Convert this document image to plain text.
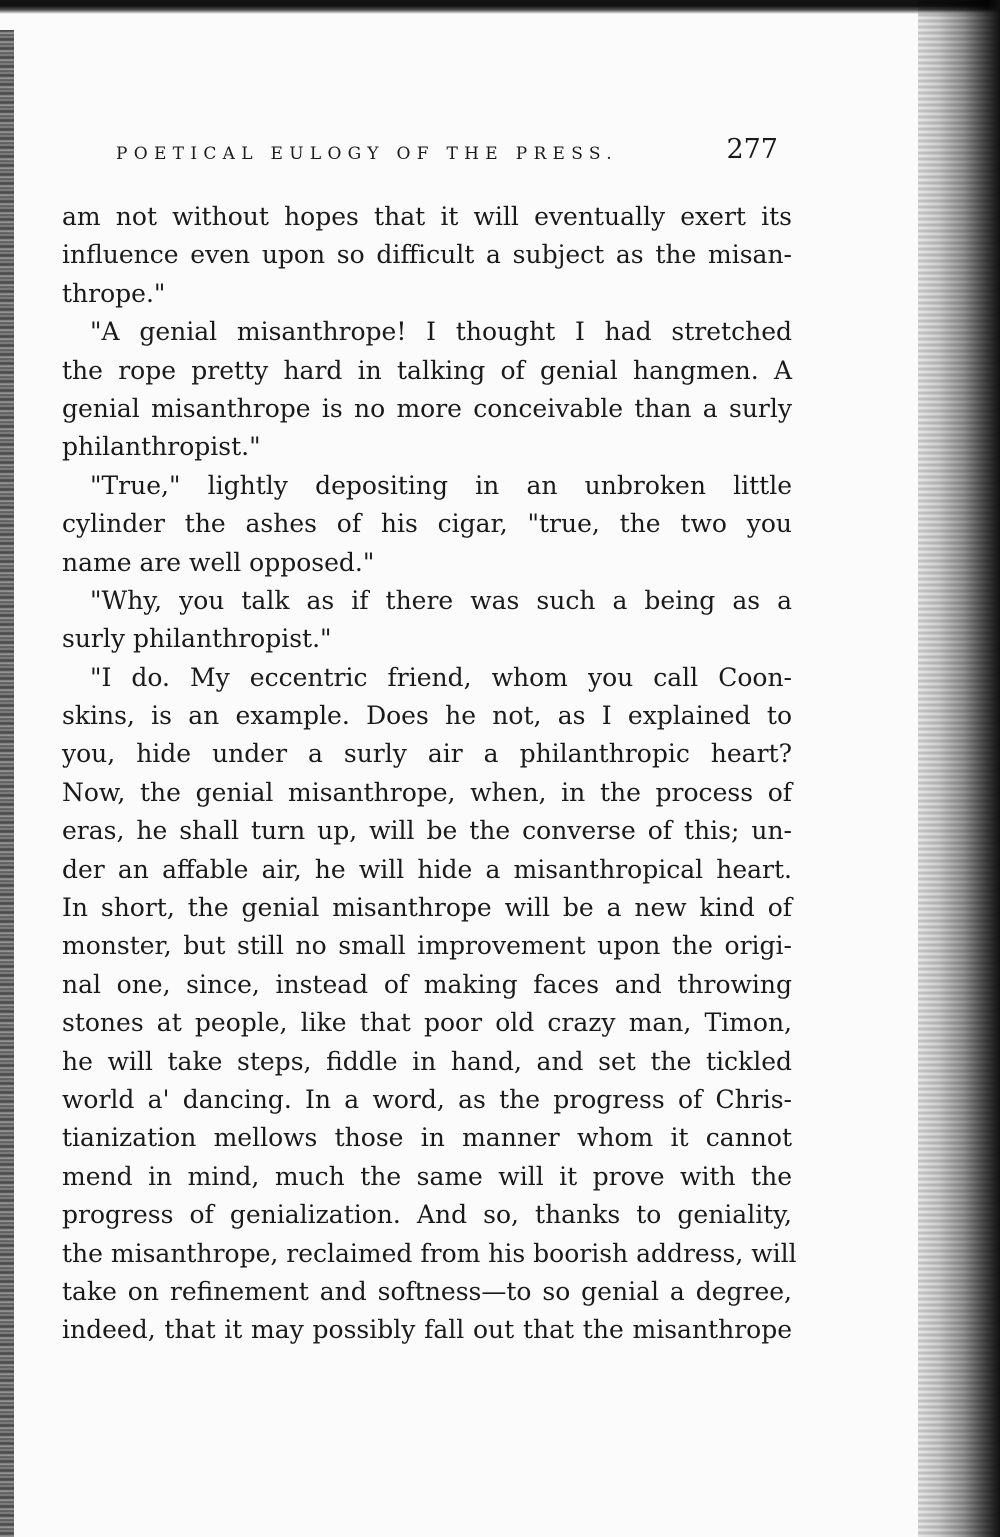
POETICAL EULOGY OF THE PRESS.	277
am not without hopes that it will eventually exert its
influence even upon so difficult a subject as the misan-
thrope."
"A genial misanthrope! I thought I had stretched
the rope pretty hard in talking of genial hangmen. A
genial misanthrope is no more conceivable than a surly
philanthropist."
"True," lightly depositing in an unbroken little
cylinder the ashes of his cigar, "true, the two you
name are well opposed."
"Why, you talk as if there was such a being as a
surly philanthropist."
"I do. My eccentric friend, whom you call Coon-
skins, is an example. Does he not, as I explained to
you, hide under a surly air a philanthropic heart?
Now, the genial misanthrope, when, in the process of
eras, he shall turn up, will be the converse of this; un-
der an affable air, he will hide a misanthropical heart.
In short, the genial misanthrope will be a new kind of
monster, but still no small improvement upon the origi-
nal one, since, instead of making faces and throwing
stones at people, like that poor old crazy man, Timon,
he will take steps, fiddle in hand, and set the tickled
world a' dancing. In a word, as the progress of Chris-
tianization mellows those in manner whom it cannot
mend in mind, much the same will it prove with the
progress of genialization. And so, thanks to geniality,
the misanthrope, reclaimed from his boorish address, will
take on refinement and softness—to so genial a degree,
indeed, that it may possibly fall out that the misanthrope
